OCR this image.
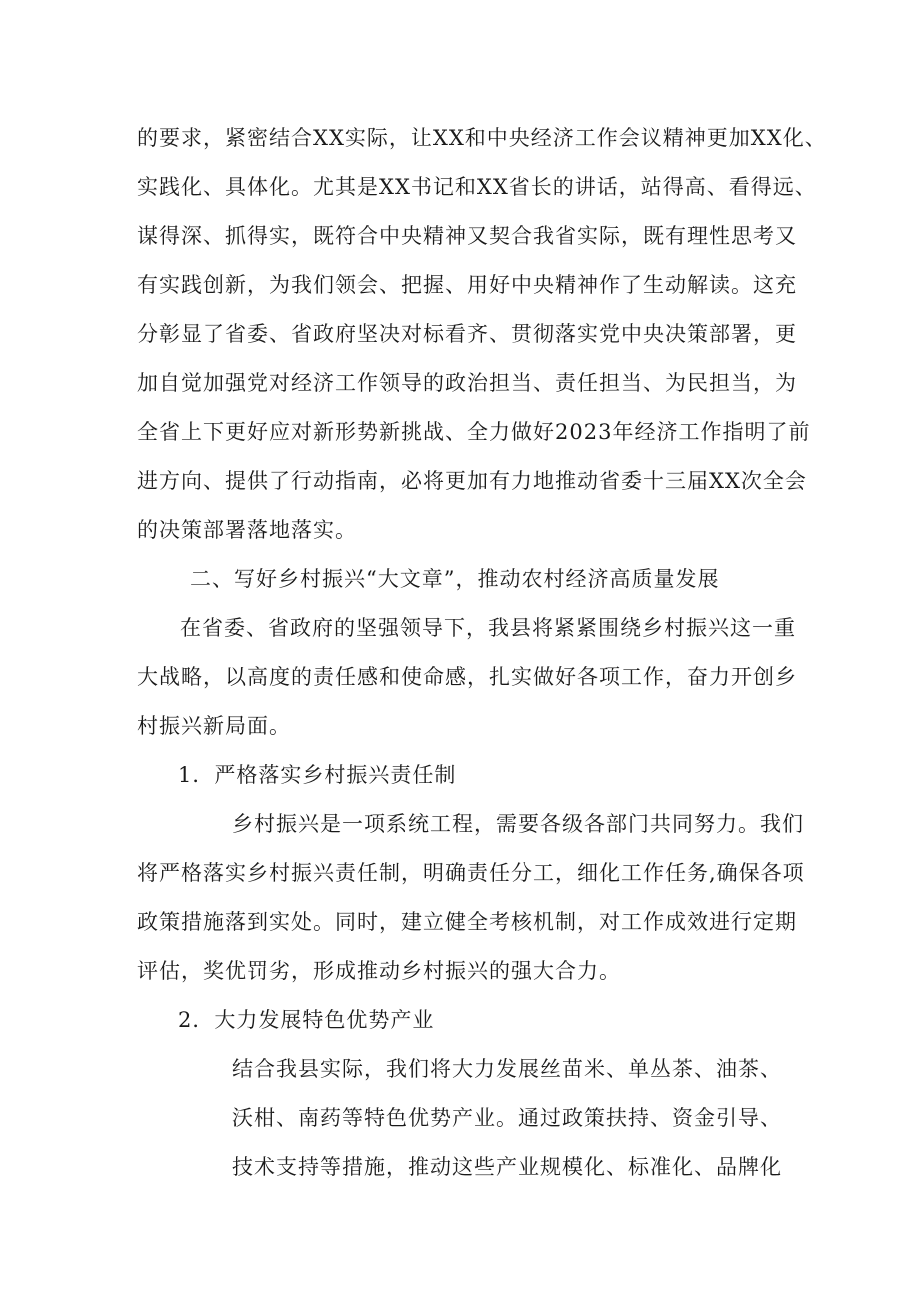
的要求，紧密结合XX实际，让XX和中央经济工作会议精神更加XX化、
实践化、具体化。尤其是XX书记和XX省长的讲话，站得高、看得远、
谋得深、抓得实，既符合中央精神又契合我省实际，既有理性思考又
有实践创新，为我们领会、把握、用好中央精神作了生动解读。这充
分彰显了省委、省政府坚决对标看齐、贯彻落实党中央决策部署，更
加自觉加强党对经济工作领导的政治担当、责任担当、为民担当，为
全省上下更好应对新形势新挑战、全力做好2023年经济工作指明了前
进方向、提供了行动指南，必将更加有力地推动省委十三届XX次全会
的决策部署落地落实。
二、写好乡村振兴“大文章”，推动农村经济高质量发展
在省委、省政府的坚强领导下，我县将紧紧围绕乡村振兴这一重
大战略，以高度的责任感和使命感，扎实做好各项工作，奋力开创乡
村振兴新局面。
1．严格落实乡村振兴责任制
乡村振兴是一项系统工程，需要各级各部门共同努力。我们
将严格落实乡村振兴责任制，明确责任分工，细化工作任务,确保各项
政策措施落到实处。同时，建立健全考核机制，对工作成效进行定期
评估，奖优罚劣，形成推动乡村振兴的强大合力。
2．大力发展特色优势产业
结合我县实际，我们将大力发展丝苗米、单丛茶、油茶、
沃柑、南药等特色优势产业。通过政策扶持、资金引导、
技术支持等措施，推动这些产业规模化、标准化、品牌化
